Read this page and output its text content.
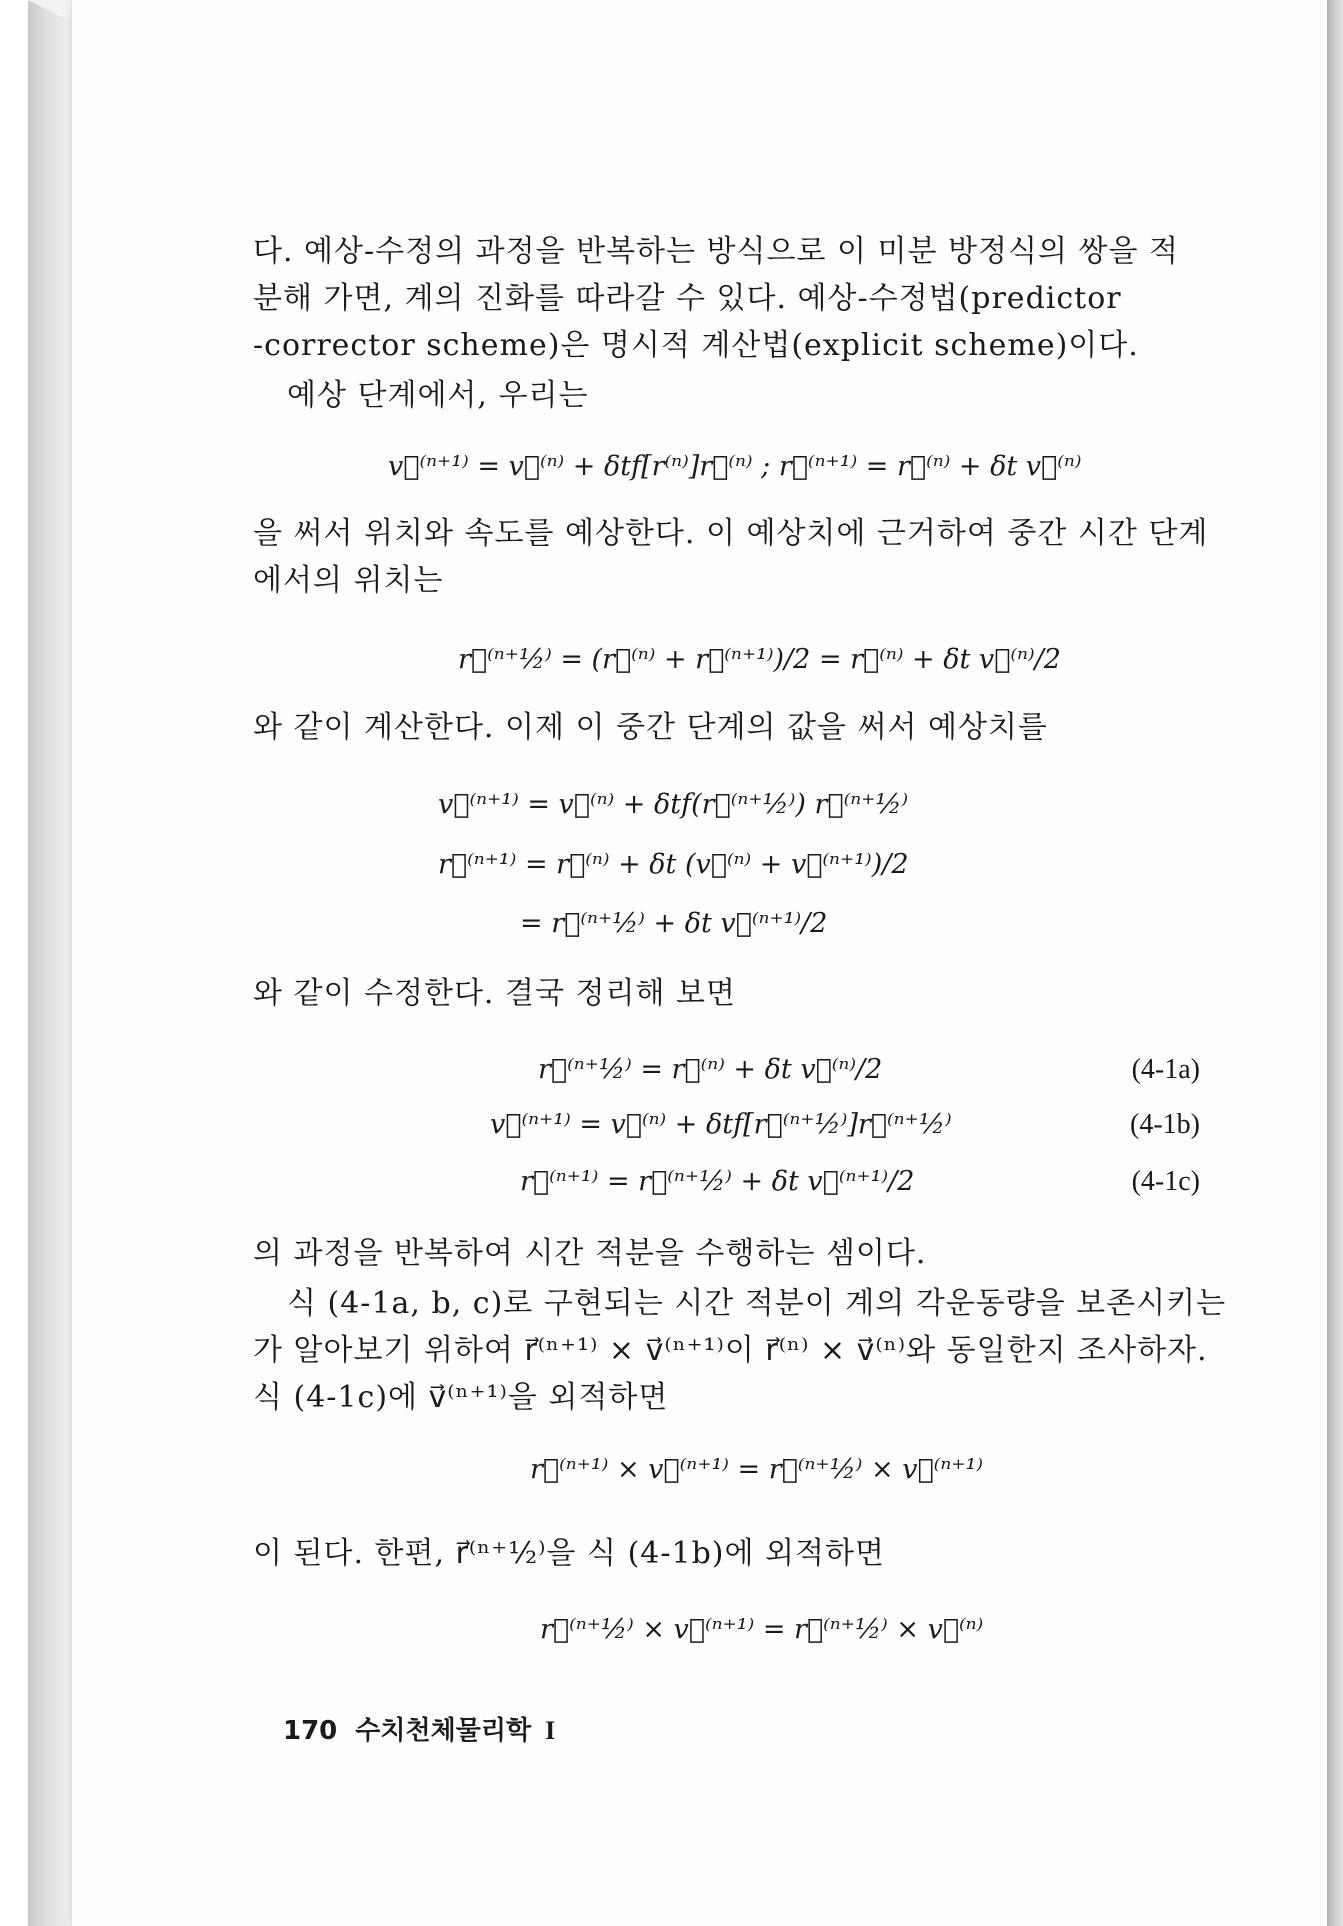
다. 예상-수정의 과정을 반복하는 방식으로 이 미분 방정식의 쌍을 적
분해 가면, 계의 진화를 따라갈 수 있다. 예상-수정법(predictor
-corrector scheme)은 명시적 계산법(explicit scheme)이다.
예상 단계에서, 우리는
v⃗⁽ⁿ⁺¹⁾ = v⃗⁽ⁿ⁾ + δtf[r⁽ⁿ⁾]r⃗⁽ⁿ⁾ ; r⃗⁽ⁿ⁺¹⁾ = r⃗⁽ⁿ⁾ + δt v⃗⁽ⁿ⁾
을 써서 위치와 속도를 예상한다. 이 예상치에 근거하여 중간 시간 단계
에서의 위치는
r⃗⁽ⁿ⁺½⁾ = (r⃗⁽ⁿ⁾ + r⃗⁽ⁿ⁺¹⁾)/2 = r⃗⁽ⁿ⁾ + δt v⃗⁽ⁿ⁾/2
와 같이 계산한다. 이제 이 중간 단계의 값을 써서 예상치를
v⃗⁽ⁿ⁺¹⁾ = v⃗⁽ⁿ⁾ + δtf(r⃗⁽ⁿ⁺½⁾) r⃗⁽ⁿ⁺½⁾
r⃗⁽ⁿ⁺¹⁾ = r⃗⁽ⁿ⁾ + δt (v⃗⁽ⁿ⁾ + v⃗⁽ⁿ⁺¹⁾)/2
= r⃗⁽ⁿ⁺½⁾ + δt v⃗⁽ⁿ⁺¹⁾/2
와 같이 수정한다. 결국 정리해 보면
r⃗⁽ⁿ⁺½⁾ = r⃗⁽ⁿ⁾ + δt v⃗⁽ⁿ⁾/2	(4-1a)
v⃗⁽ⁿ⁺¹⁾ = v⃗⁽ⁿ⁾ + δtf[r⃗⁽ⁿ⁺½⁾]r⃗⁽ⁿ⁺½⁾	(4-1b)
r⃗⁽ⁿ⁺¹⁾ = r⃗⁽ⁿ⁺½⁾ + δt v⃗⁽ⁿ⁺¹⁾/2	(4-1c)
의 과정을 반복하여 시간 적분을 수행하는 셈이다.
식 (4-1a, b, c)로 구현되는 시간 적분이 계의 각운동량을 보존시키는
가 알아보기 위하여 r⃗⁽ⁿ⁺¹⁾ × v⃗⁽ⁿ⁺¹⁾이 r⃗⁽ⁿ⁾ × v⃗⁽ⁿ⁾와 동일한지 조사하자.
식 (4-1c)에 v⃗⁽ⁿ⁺¹⁾을 외적하면
r⃗⁽ⁿ⁺¹⁾ × v⃗⁽ⁿ⁺¹⁾ = r⃗⁽ⁿ⁺½⁾ × v⃗⁽ⁿ⁺¹⁾
이 된다. 한편, r⃗⁽ⁿ⁺½⁾을 식 (4-1b)에 외적하면
r⃗⁽ⁿ⁺½⁾ × v⃗⁽ⁿ⁺¹⁾ = r⃗⁽ⁿ⁺½⁾ × v⃗⁽ⁿ⁾
170 수치천체물리학 I
